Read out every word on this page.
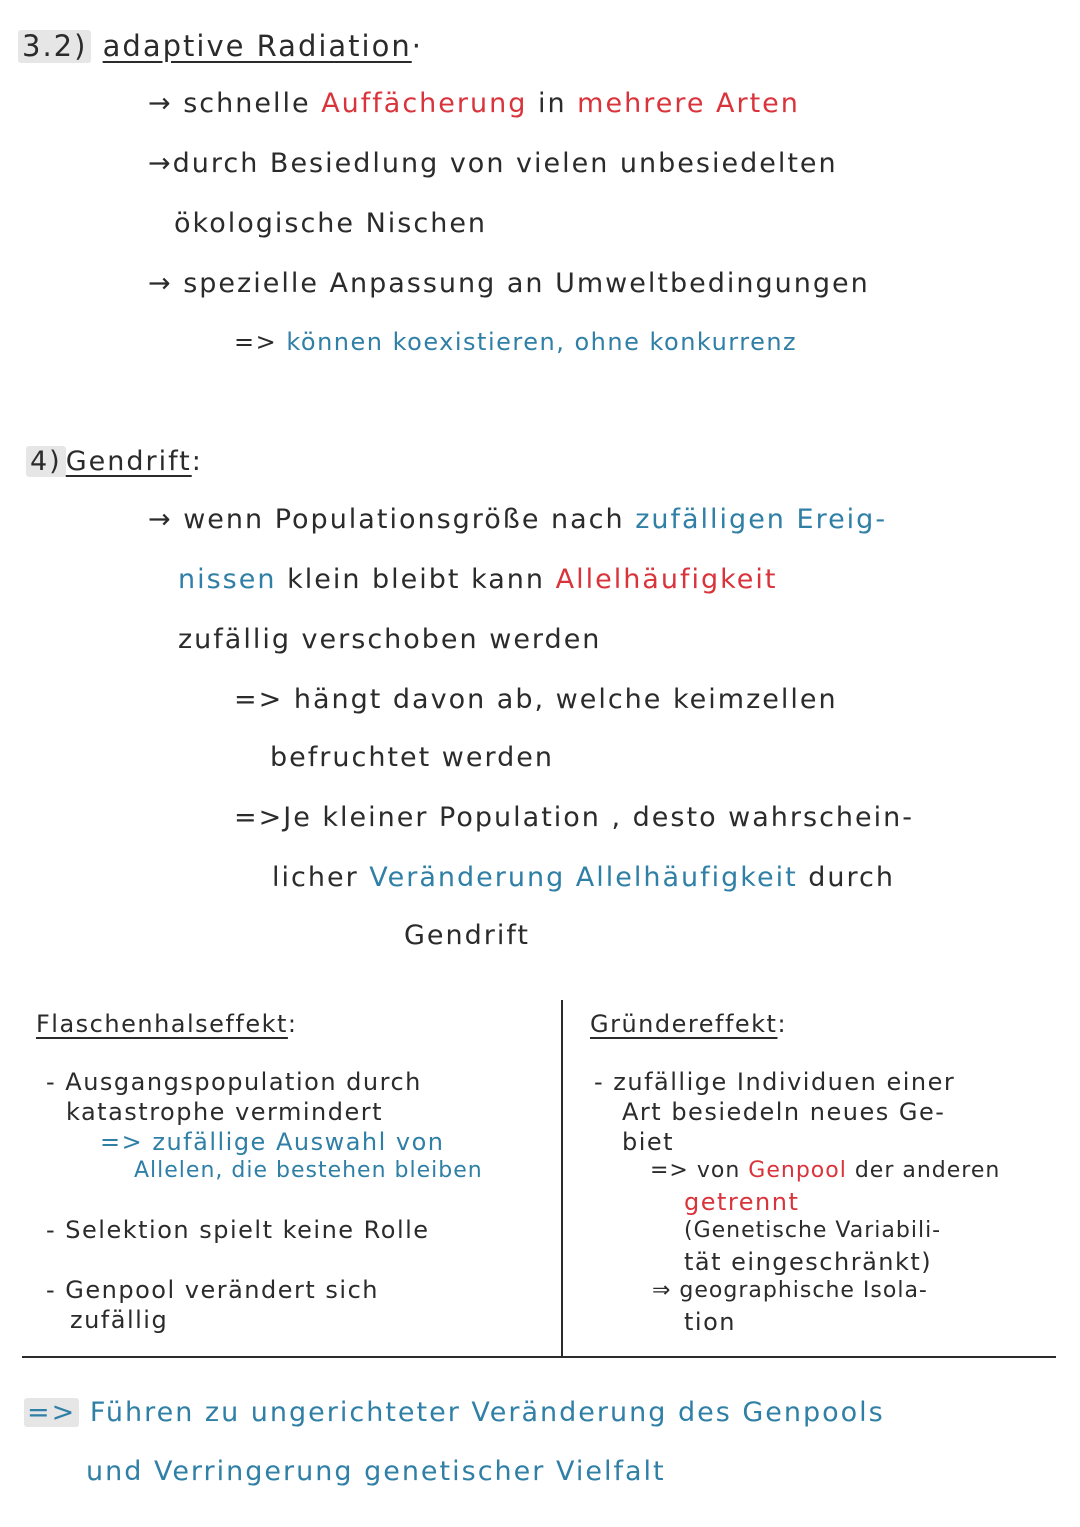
3.2) adaptive Radiation·
→ schnelle Auffächerung in mehrere Arten
→durch Besiedlung von vielen unbesiedelten
ökologische Nischen
→ spezielle Anpassung an Umweltbedingungen
=> können koexistieren, ohne konkurrenz
4) Gendrift:
→ wenn Populationsgröße nach zufälligen Ereig-
nissen klein bleibt kann Allelhäufigkeit
zufällig verschoben werden
=> hängt davon ab, welche keimzellen
befruchtet werden
=>Je kleiner Population , desto wahrschein-
licher Veränderung Allelhäufigkeit durch
Gendrift
Flaschenhalseffekt:
- Ausgangspopulation durch
katastrophe vermindert
=> zufällige Auswahl von
Allelen, die bestehen bleiben
- Selektion spielt keine Rolle
- Genpool verändert sich
zufällig
Gründereffekt:
- zufällige Individuen einer
Art besiedeln neues Ge-
biet
=> von Genpool der anderen
getrennt
(Genetische Variabili-
tät eingeschränkt)
⇒ geographische Isola-
tion
=> Führen zu ungerichteter Veränderung des Genpools
und Verringerung genetischer Vielfalt
